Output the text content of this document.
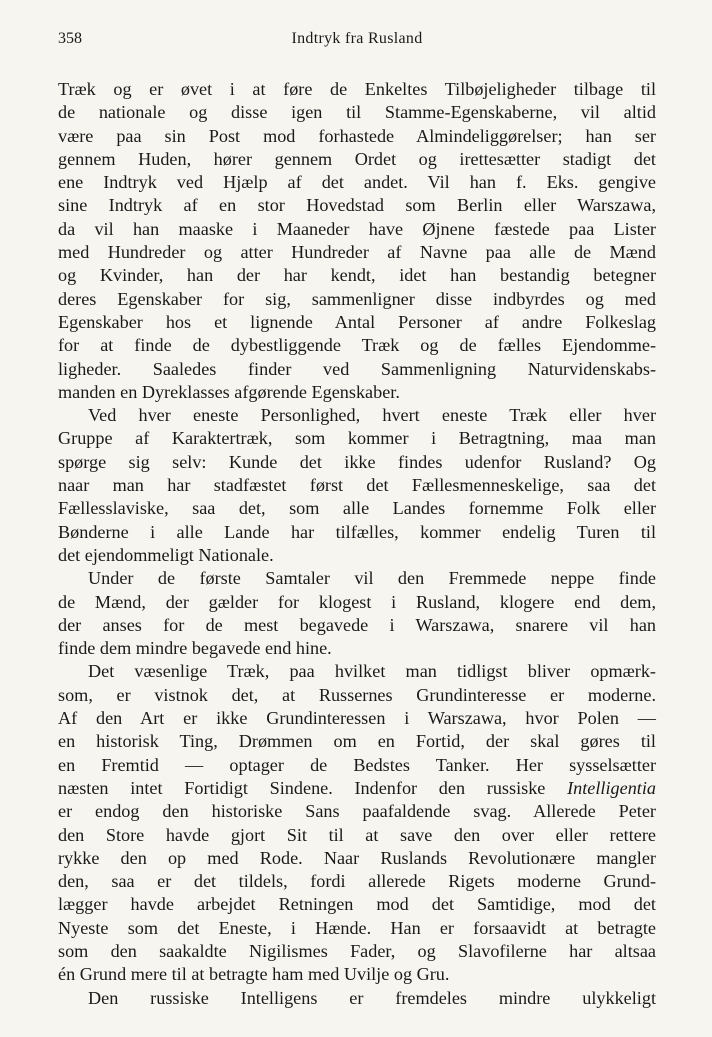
358	Indtryk fra Rusland
Træk og er øvet i at føre de Enkeltes Tilbøjeligheder tilbage til
de nationale og disse igen til Stamme-Egenskaberne, vil altid
være paa sin Post mod forhastede Almindeliggørelser; han ser
gennem Huden, hører gennem Ordet og irettesætter stadigt det
ene Indtryk ved Hjælp af det andet. Vil han f. Eks. gengive
sine Indtryk af en stor Hovedstad som Berlin eller Warszawa,
da vil han maaske i Maaneder have Øjnene fæstede paa Lister
med Hundreder og atter Hundreder af Navne paa alle de Mænd
og Kvinder, han der har kendt, idet han bestandig betegner
deres Egenskaber for sig, sammenligner disse indbyrdes og med
Egenskaber hos et lignende Antal Personer af andre Folkeslag
for at finde de dybestliggende Træk og de fælles Ejendomme-
ligheder. Saaledes finder ved Sammenligning Naturvidenskabs-
manden en Dyreklasses afgørende Egenskaber.
Ved hver eneste Personlighed, hvert eneste Træk eller hver
Gruppe af Karaktertræk, som kommer i Betragtning, maa man
spørge sig selv: Kunde det ikke findes udenfor Rusland? Og
naar man har stadfæstet først det Fællesmenneskelige, saa det
Fællesslaviske, saa det, som alle Landes fornemme Folk eller
Bønderne i alle Lande har tilfælles, kommer endelig Turen til
det ejendommeligt Nationale.
Under de første Samtaler vil den Fremmede neppe finde
de Mænd, der gælder for klogest i Rusland, klogere end dem,
der anses for de mest begavede i Warszawa, snarere vil han
finde dem mindre begavede end hine.
Det væsenlige Træk, paa hvilket man tidligst bliver opmærk-
som, er vistnok det, at Russernes Grundinteresse er moderne.
Af den Art er ikke Grundinteressen i Warszawa, hvor Polen —
en historisk Ting, Drømmen om en Fortid, der skal gøres til
en Fremtid — optager de Bedstes Tanker. Her sysselsætter
næsten intet Fortidigt Sindene. Indenfor den russiske Intelligentia
er endog den historiske Sans paafaldende svag. Allerede Peter
den Store havde gjort Sit til at save den over eller rettere
rykke den op med Rode. Naar Ruslands Revolutionære mangler
den, saa er det tildels, fordi allerede Rigets moderne Grund-
lægger havde arbejdet Retningen mod det Samtidige, mod det
Nyeste som det Eneste, i Hænde. Han er forsaavidt at betragte
som den saakaldte Nigilismes Fader, og Slavofilerne har altsaa
én Grund mere til at betragte ham med Uvilje og Gru.
Den russiske Intelligens er fremdeles mindre ulykkeligt
